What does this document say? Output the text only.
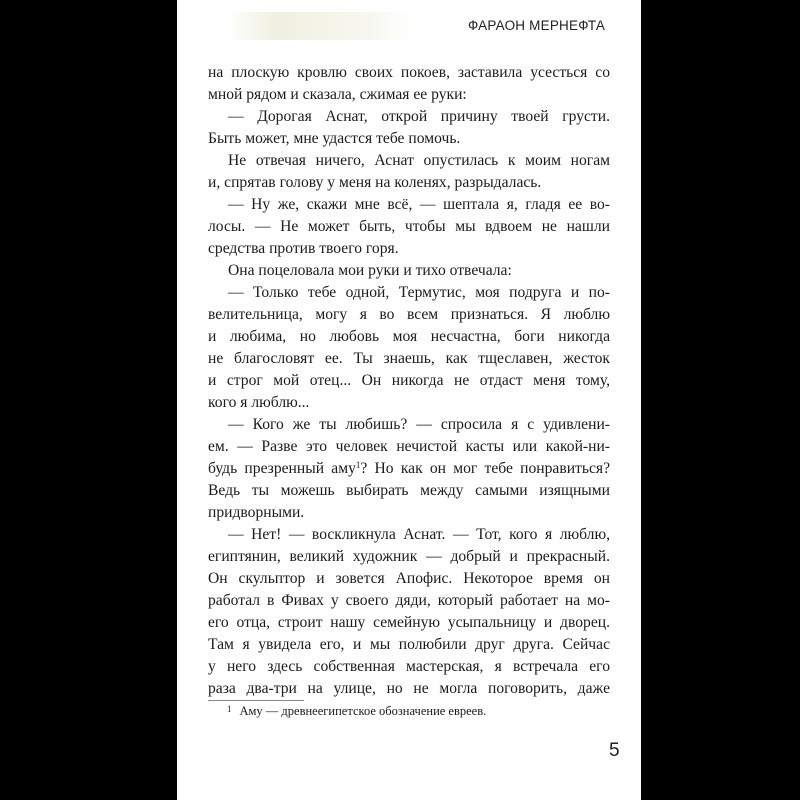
ФАРАОН МЕРНЕФТА
на плоскую кровлю своих покоев, заставила усесться со
мной рядом и сказала, сжимая ее руки:
— Дорогая Аснат, открой причину твоей грусти.
Быть может, мне удастся тебе помочь.
Не отвечая ничего, Аснат опустилась к моим ногам
и, спрятав голову у меня на коленях, разрыдалась.
— Ну же, скажи мне всё, — шептала я, гладя ее во-
лосы. — Не может быть, чтобы мы вдвоем не нашли
средства против твоего горя.
Она поцеловала мои руки и тихо отвечала:
— Только тебе одной, Термутис, моя подруга и по-
велительница, могу я во всем признаться. Я люблю
и любима, но любовь моя несчастна, боги никогда
не благословят ее. Ты знаешь, как тщеславен, жесток
и строг мой отец... Он никогда не отдаст меня тому,
кого я люблю...
— Кого же ты любишь? — спросила я с удивлени-
ем. — Разве это человек нечистой касты или какой-ни-
будь презренный аму$^1$? Но как он мог тебе понравиться?
Ведь ты можешь выбирать между самыми изящными
придворными.
— Нет! — воскликнула Аснат. — Тот, кого я люблю,
египтянин, великий художник — добрый и прекрасный.
Он скульптор и зовется Апофис. Некоторое время он
работал в Фивах у своего дяди, который работает на мо-
его отца, строит нашу семейную усыпальницу и дворец.
Там я увидела его, и мы полюбили друг друга. Сейчас
у него здесь собственная мастерская, я встречала его
раза два-три на улице, но не могла поговорить, даже
$^1$ Аму — древнеегипетское обозначение евреев.
5
